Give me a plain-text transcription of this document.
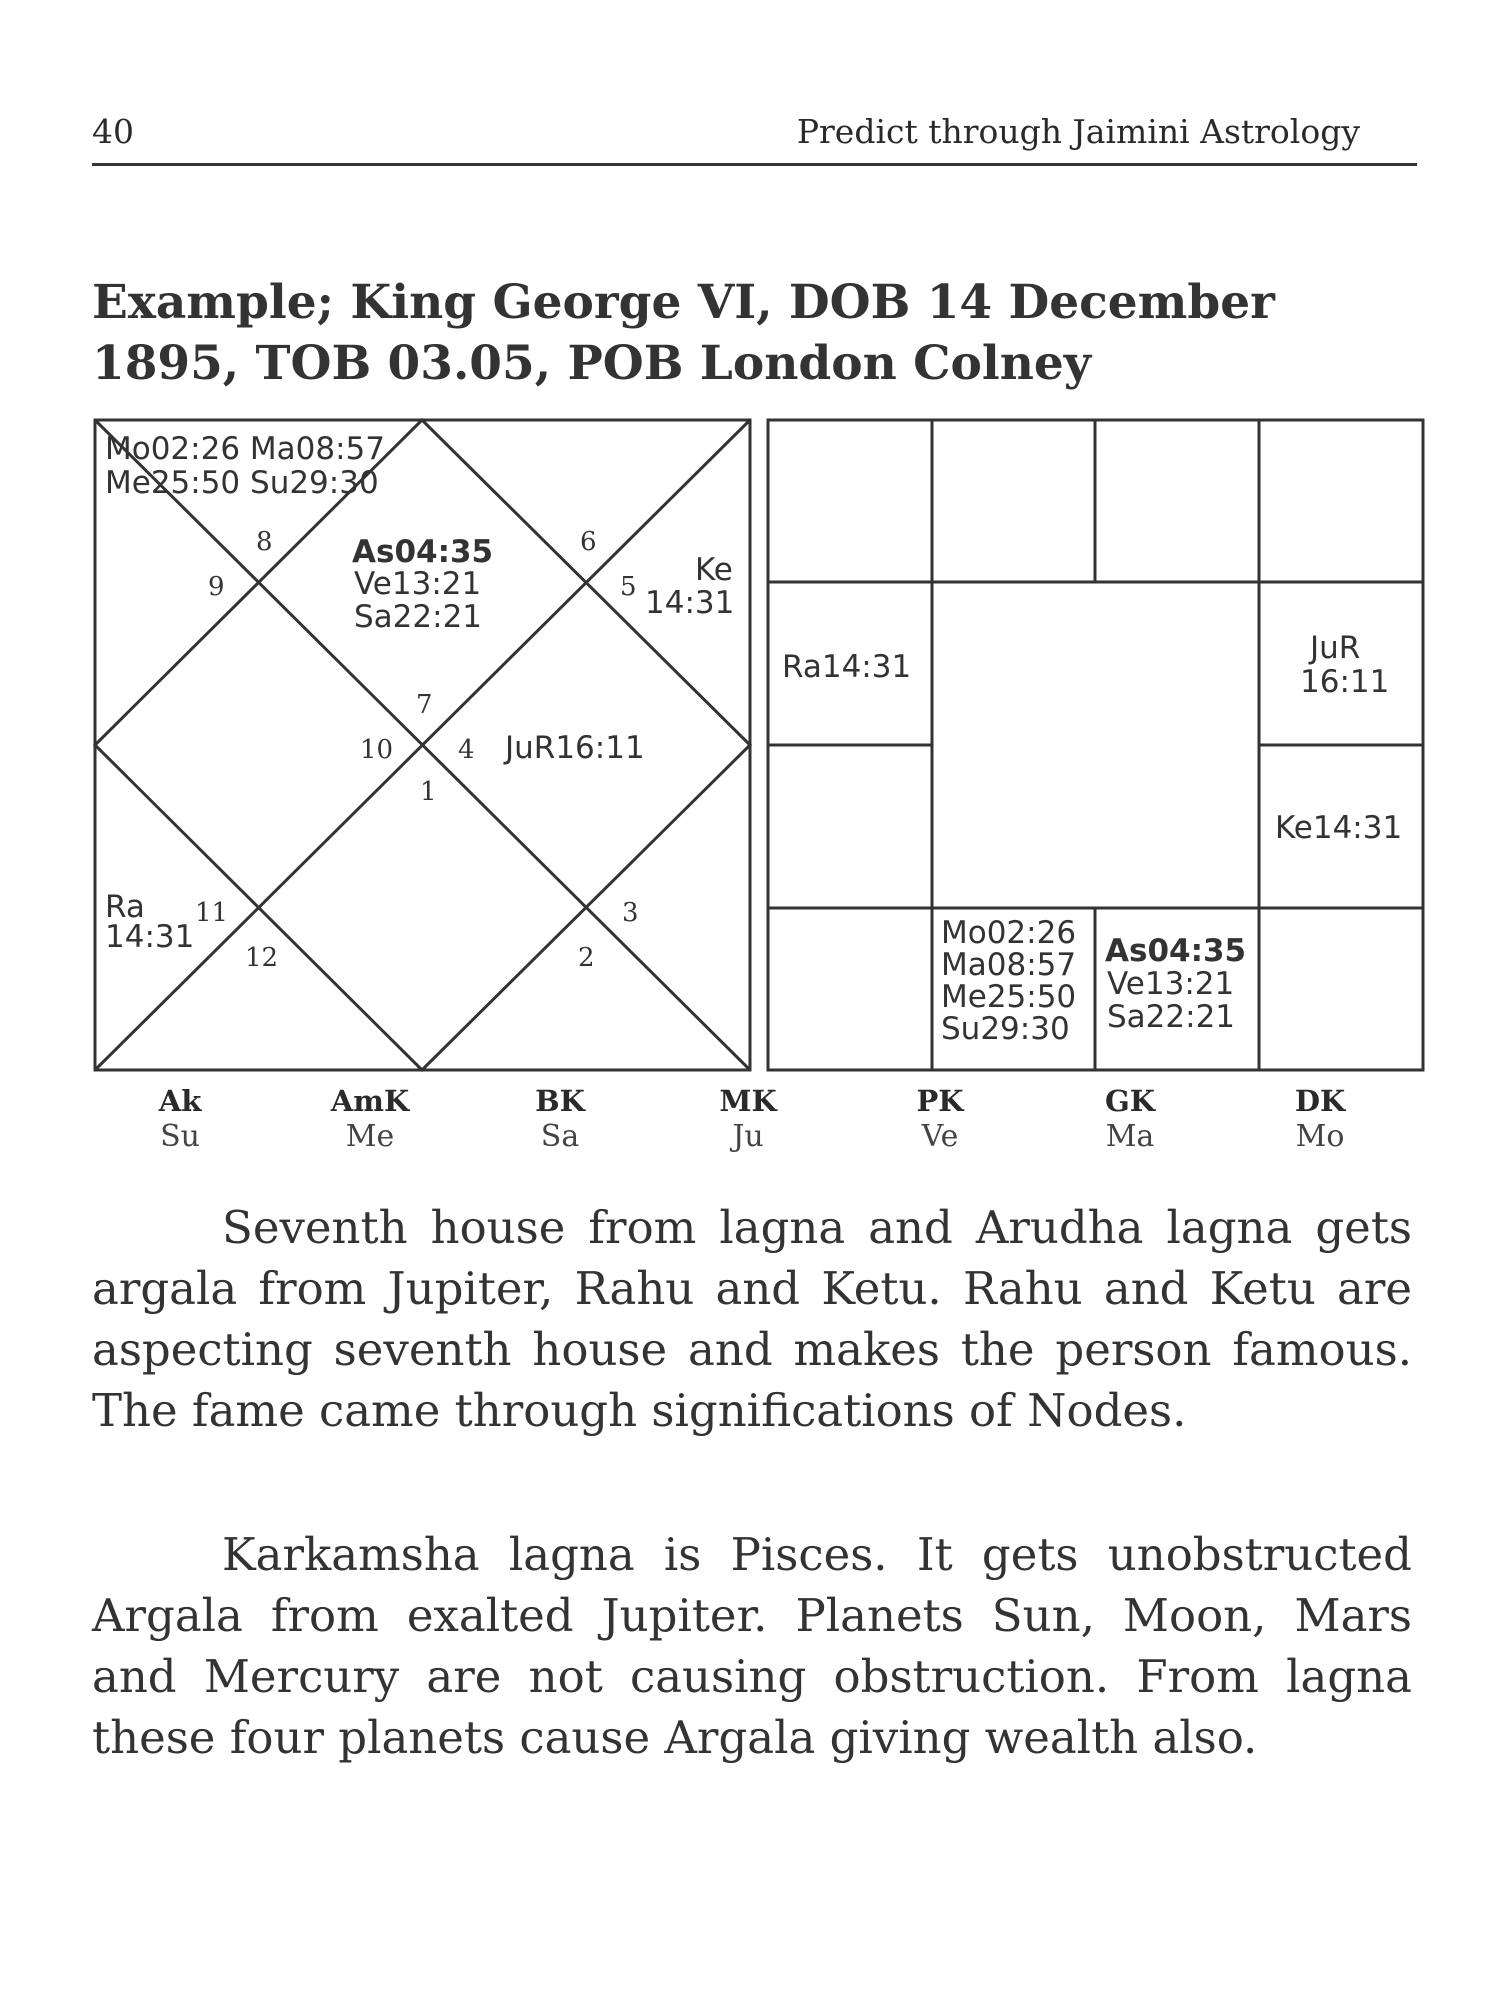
40	Predict through Jaimini Astrology
Example; King George VI, DOB 14 December 1895, TOB 03.05, POB London Colney
Mo02:26 Ma08:57
Me25:50 Su29:30
As04:35
Ve13:21
Sa22:21
Ke
14:31
JuR16:11
Ra
14:31
1
2
3
4
5
6
7
8
9
10
11
12
Ra14:31
JuR
16:11
Ke14:31
Mo02:26
Ma08:57
Me25:50
Su29:30
As04:35
Ve13:21
Sa22:21
Ak
Su
AmK
Me
BK
Sa
MK
Ju
PK
Ve
GK
Ma
DK
Mo

Seventh house from lagna and Arudha lagna gets argala from Jupiter, Rahu and Ketu. Rahu and Ketu are aspecting seventh house and makes the person famous. The fame came through significations of Nodes.

Karkamsha lagna is Pisces. It gets unobstructed Argala from exalted Jupiter. Planets Sun, Moon, Mars and Mercury are not causing obstruction. From lagna these four planets cause Argala giving wealth also.
